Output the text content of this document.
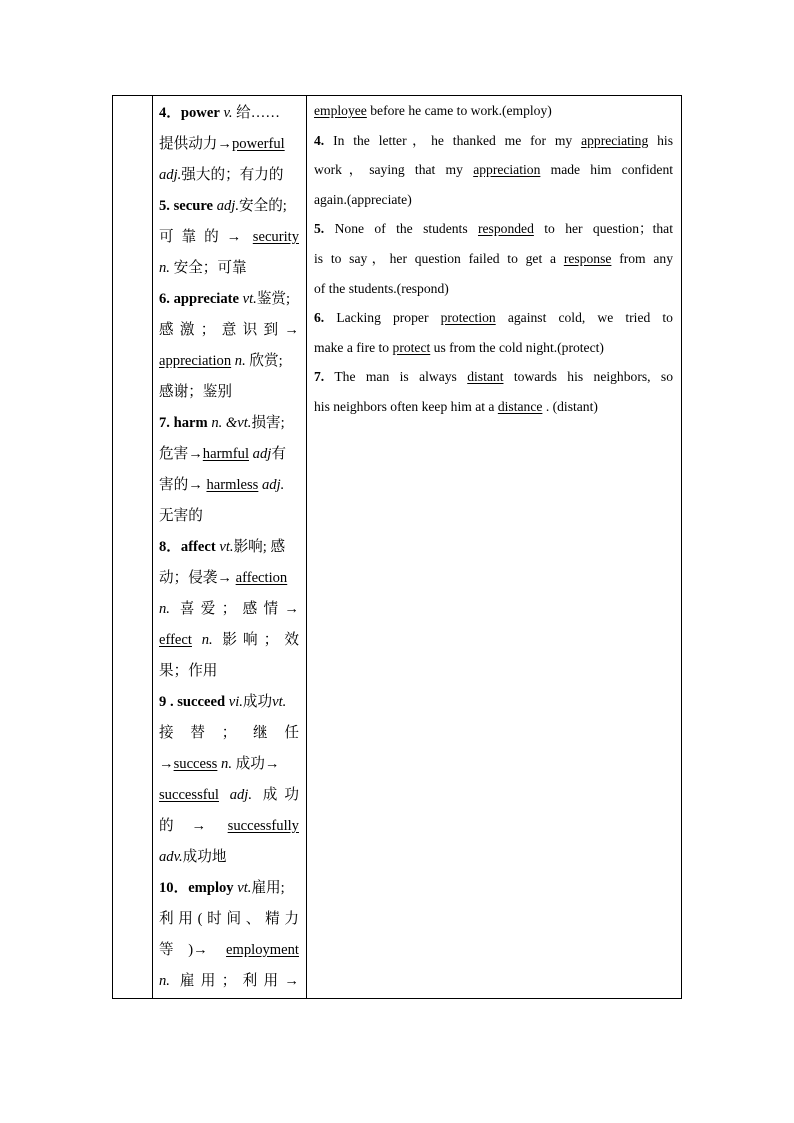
4．power v. 给……
提供动力→powerful
adj.强大的；有力的
5. secure adj.安全的;
可靠的→ security
n. 安全；可靠
6. appreciate vt.鉴赏;
感激；意识到→
appreciation n. 欣赏;
感谢；鉴别
7. harm n. &vt.损害;
危害→harmful adj有
害的→ harmless adj.
无害的
8．affect vt.影响; 感
动；侵袭→ affection
n. 喜爱；感情→
effect n. 影响；效
果；作用
9 . succeed vi.成功vt.
接替；继任
→success n. 成功→
successful adj. 成功
的→ successfully
adv.成功地
10．employ vt.雇用;
利用(时间、精力
等)→ employment
n. 雇用；利用→
employee before he came to work.(employ)
4. In the letter，he thanked me for my appreciating his
work，saying that my appreciation made him confident
again.(appreciate)
5. None of the students responded to her question；that
is to say，her question failed to get a response from any
of the students.(respond)
6. Lacking proper protection against cold, we tried to
make a fire to protect us from the cold night.(protect)
7. The man is always distant towards his neighbors, so
his neighbors often keep him at a distance . (distant)
